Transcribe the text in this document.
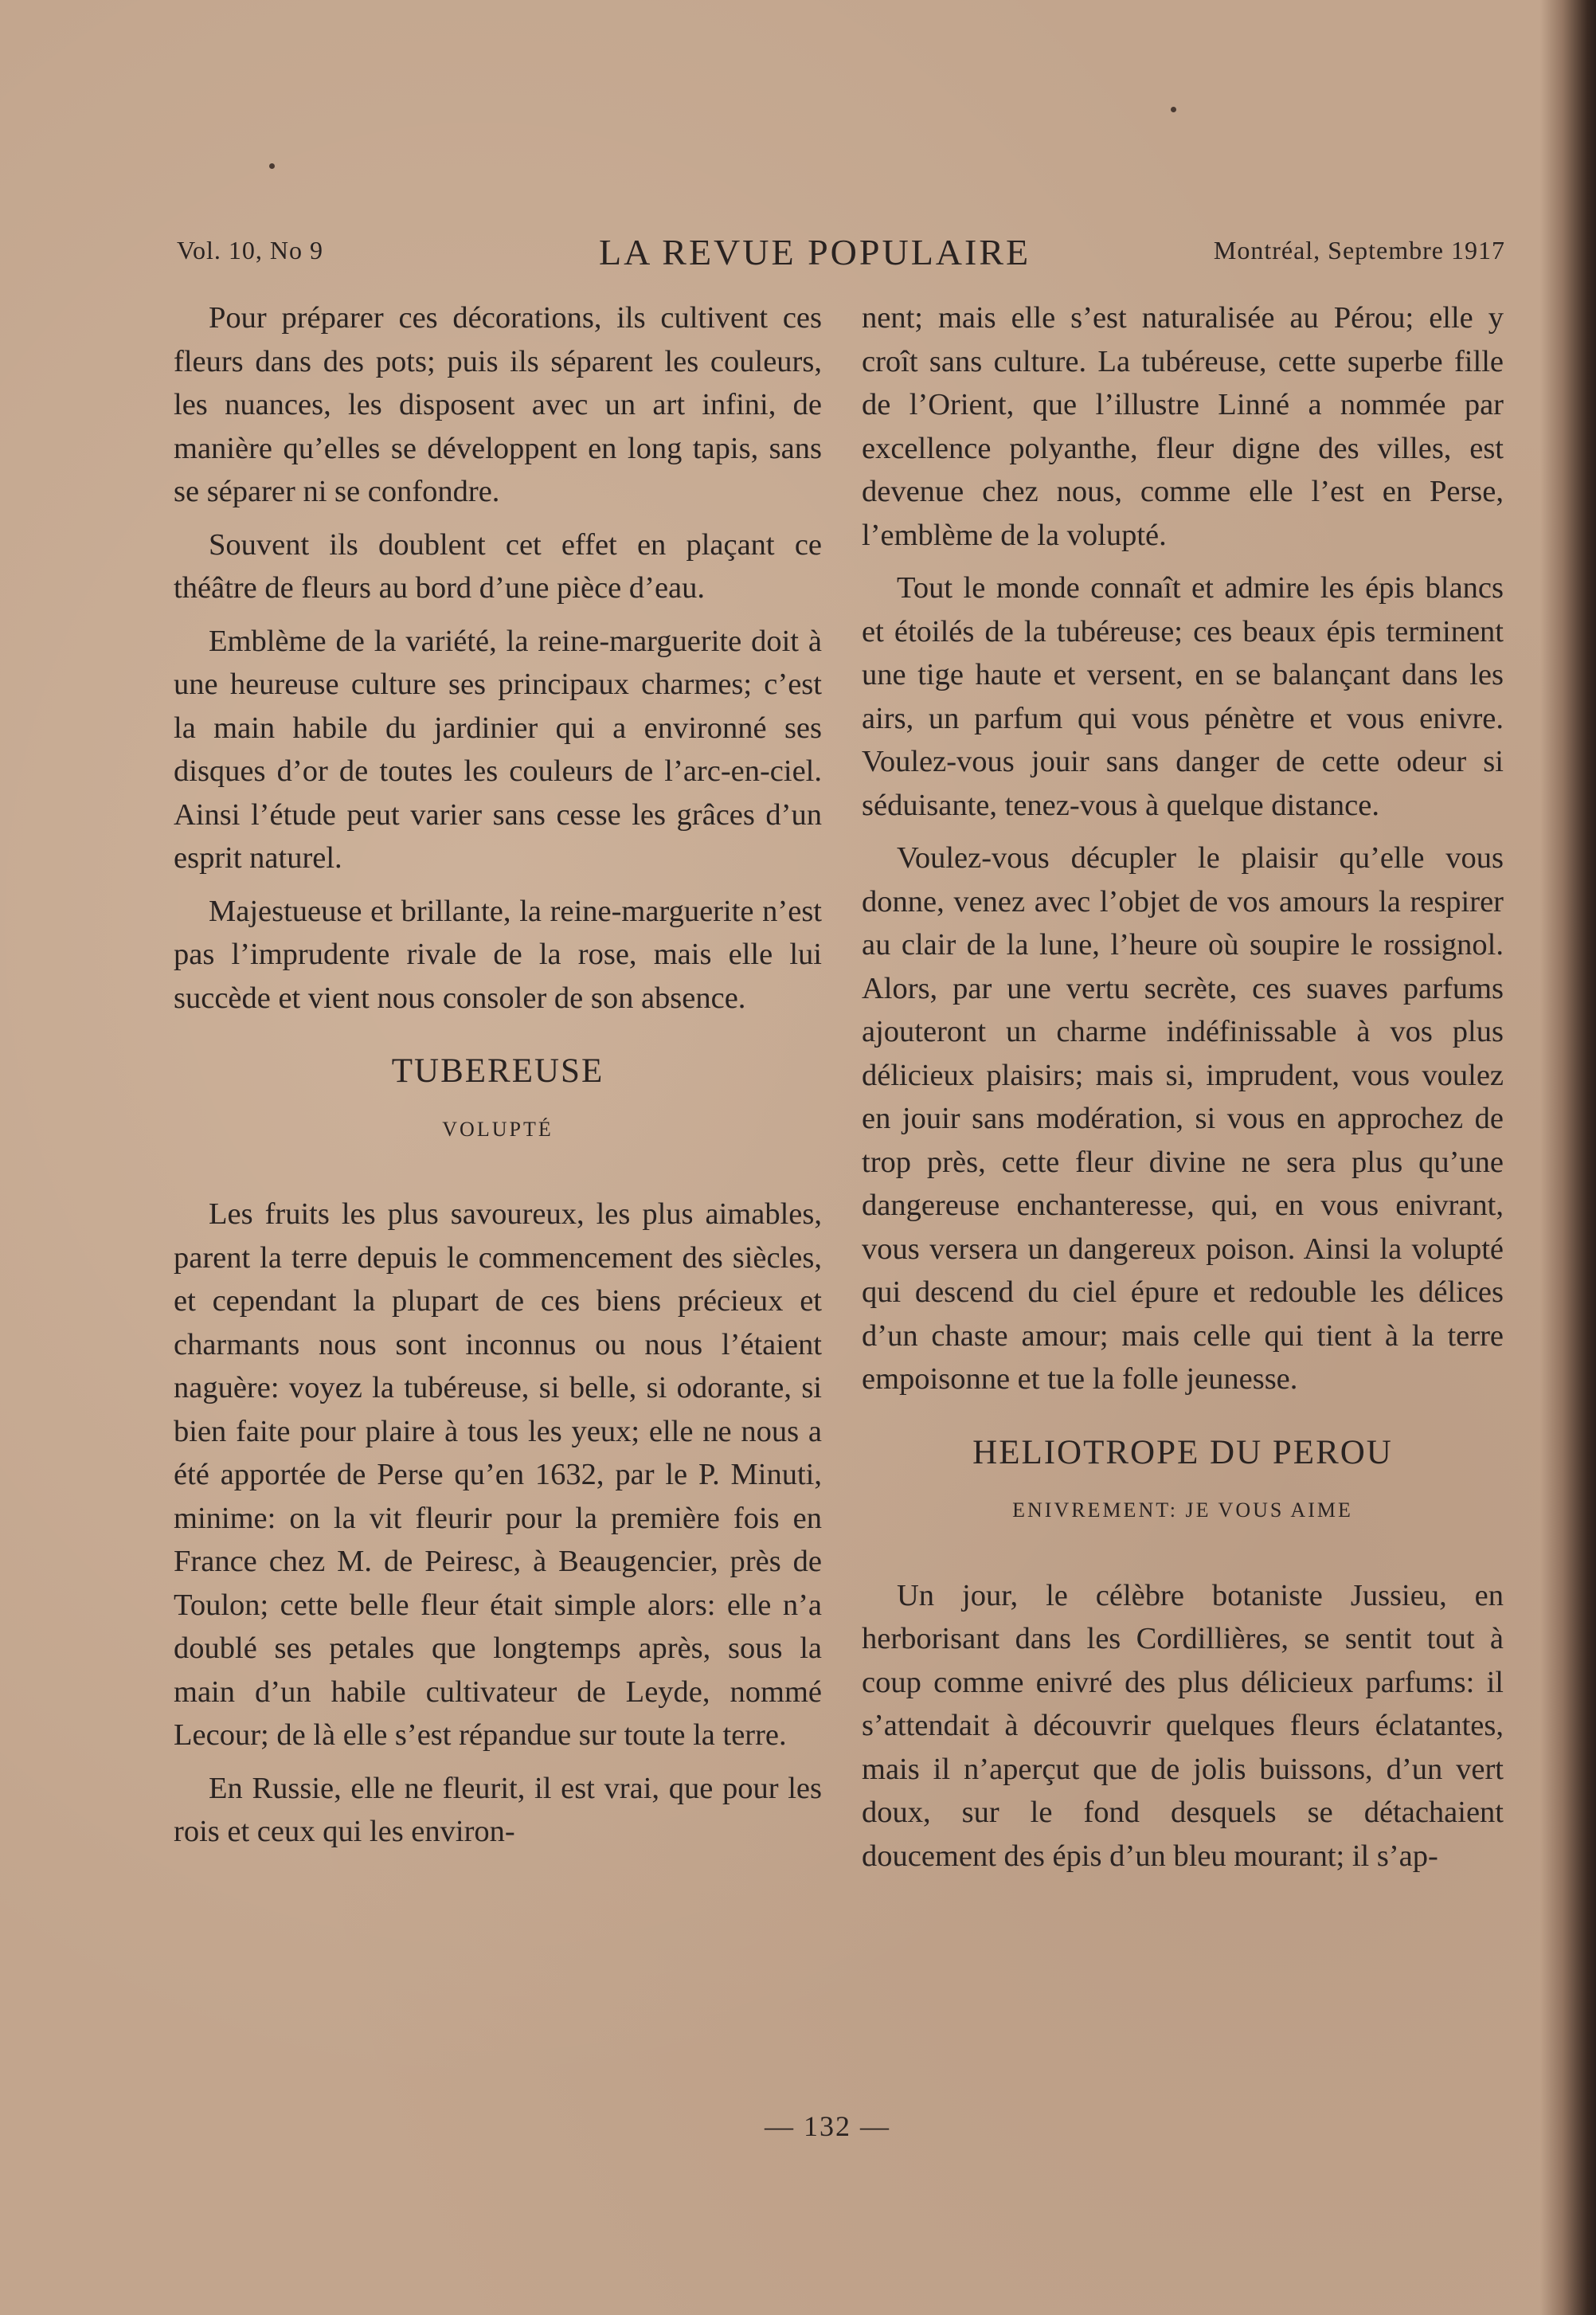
Vol. 10, No 9	LA REVUE POPULAIRE	Montréal, Septembre 1917

Pour préparer ces décorations, ils cultivent ces fleurs dans des pots; puis ils séparent les couleurs, les nuances, les disposent avec un art infini, de manière qu’elles se développent en long tapis, sans se séparer ni se confondre.

Souvent ils doublent cet effet en plaçant ce théâtre de fleurs au bord d’une pièce d’eau.

Emblème de la variété, la reine-marguerite doit à une heureuse culture ses principaux charmes; c’est la main habile du jardinier qui a environné ses disques d’or de toutes les couleurs de l’arc-en-ciel. Ainsi l’étude peut varier sans cesse les grâces d’un esprit naturel.

Majestueuse et brillante, la reine-marguerite n’est pas l’imprudente rivale de la rose, mais elle lui succède et vient nous consoler de son absence.

TUBEREUSE
VOLUPTÉ

Les fruits les plus savoureux, les plus aimables, parent la terre depuis le commencement des siècles, et cependant la plupart de ces biens précieux et charmants nous sont inconnus ou nous l’étaient naguère: voyez la tubéreuse, si belle, si odorante, si bien faite pour plaire à tous les yeux; elle ne nous a été apportée de Perse qu’en 1632, par le P. Minuti, minime: on la vit fleurir pour la première fois en France chez M. de Peiresc, à Beaugencier, près de Toulon; cette belle fleur était simple alors: elle n’a doublé ses petales que longtemps après, sous la main d’un habile cultivateur de Leyde, nommé Lecour; de là elle s’est répandue sur toute la terre.

En Russie, elle ne fleurit, il est vrai, que pour les rois et ceux qui les environ-

nent; mais elle s’est naturalisée au Pérou; elle y croît sans culture. La tubéreuse, cette superbe fille de l’Orient, que l’illustre Linné a nommée par excellence polyanthe, fleur digne des villes, est devenue chez nous, comme elle l’est en Perse, l’emblème de la volupté.

Tout le monde connaît et admire les épis blancs et étoilés de la tubéreuse; ces beaux épis terminent une tige haute et versent, en se balançant dans les airs, un parfum qui vous pénètre et vous enivre. Voulez-vous jouir sans danger de cette odeur si séduisante, tenez-vous à quelque distance.

Voulez-vous décupler le plaisir qu’elle vous donne, venez avec l’objet de vos amours la respirer au clair de la lune, l’heure où soupire le rossignol. Alors, par une vertu secrète, ces suaves parfums ajouteront un charme indéfinissable à vos plus délicieux plaisirs; mais si, imprudent, vous voulez en jouir sans modération, si vous en approchez de trop près, cette fleur divine ne sera plus qu’une dangereuse enchanteresse, qui, en vous enivrant, vous versera un dangereux poison. Ainsi la volupté qui descend du ciel épure et redouble les délices d’un chaste amour; mais celle qui tient à la terre empoisonne et tue la folle jeunesse.

HELIOTROPE DU PEROU
ENIVREMENT: JE VOUS AIME

Un jour, le célèbre botaniste Jussieu, en herborisant dans les Cordillières, se sentit tout à coup comme enivré des plus délicieux parfums: il s’attendait à découvrir quelques fleurs éclatantes, mais il n’aperçut que de jolis buissons, d’un vert doux, sur le fond desquels se détachaient doucement des épis d’un bleu mourant; il s’ap-

— 132 —
